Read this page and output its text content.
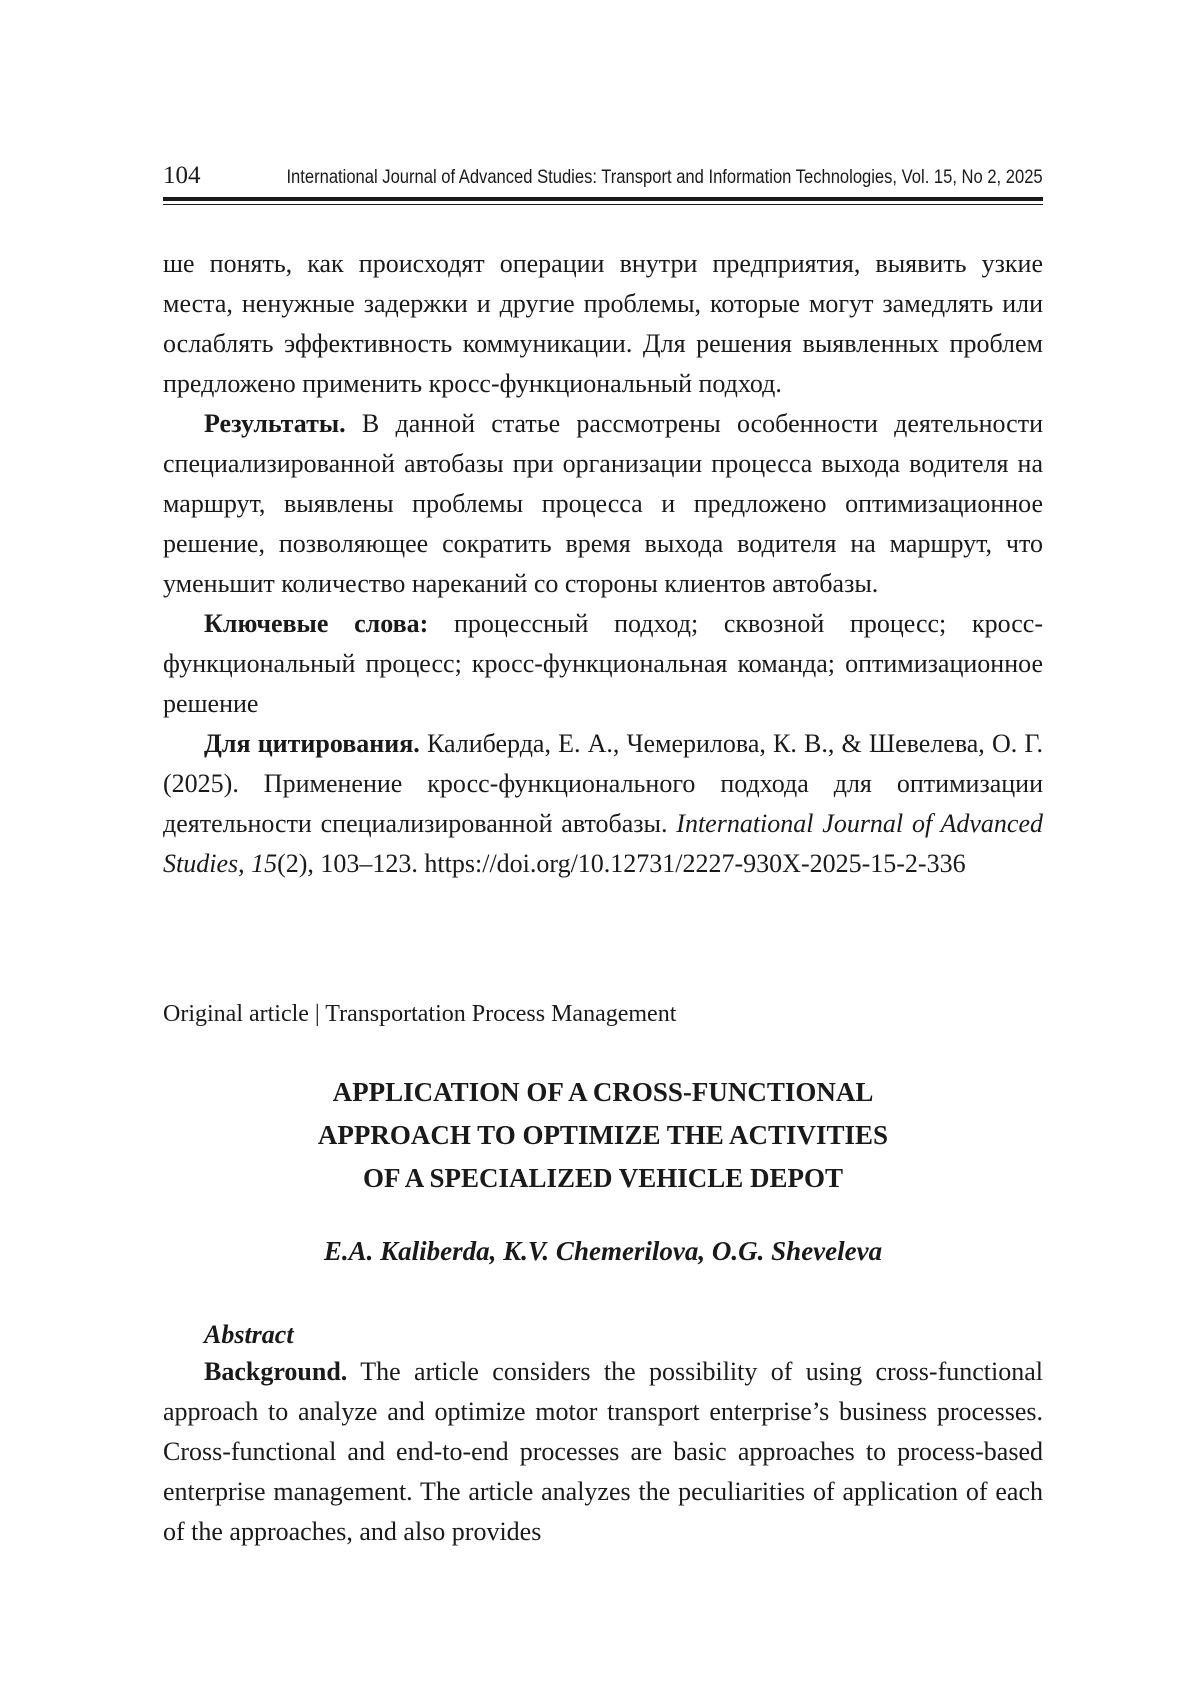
104	International Journal of Advanced Studies: Transport and Information Technologies, Vol. 15, No 2, 2025

ше понять, как происходят операции внутри предприятия, выявить узкие места, ненужные задержки и другие проблемы, которые могут замедлять или ослаблять эффективность коммуникации. Для решения выявленных проблем предложено применить кросс-функциональный подход.

Результаты. В данной статье рассмотрены особенности деятельности специализированной автобазы при организации процесса выхода водителя на маршрут, выявлены проблемы процесса и предложено оптимизационное решение, позволяющее сократить время выхода водителя на маршрут, что уменьшит количество нареканий со стороны клиентов автобазы.

Ключевые слова: процессный подход; сквозной процесс; кросс-функциональный процесс; кросс-функциональная команда; оптимизационное решение

Для цитирования. Калиберда, Е. А., Чемерилова, К. В., & Шевелева, О. Г. (2025). Применение кросс-функционального подхода для оптимизации деятельности специализированной автобазы. International Journal of Advanced Studies, 15(2), 103–123. https://doi.org/10.12731/2227-930X-2025-15-2-336

Original article | Transportation Process Management
APPLICATION OF A CROSS-FUNCTIONAL
APPROACH TO OPTIMIZE THE ACTIVITIES
OF A SPECIALIZED VEHICLE DEPOT
E.A. Kaliberda, K.V. Chemerilova, O.G. Sheveleva
Abstract

Background. The article considers the possibility of using cross-functional approach to analyze and optimize motor transport enterprise’s business processes. Cross-functional and end-to-end processes are basic approaches to process-based enterprise management. The article analyzes the peculiarities of application of each of the approaches, and also provides
